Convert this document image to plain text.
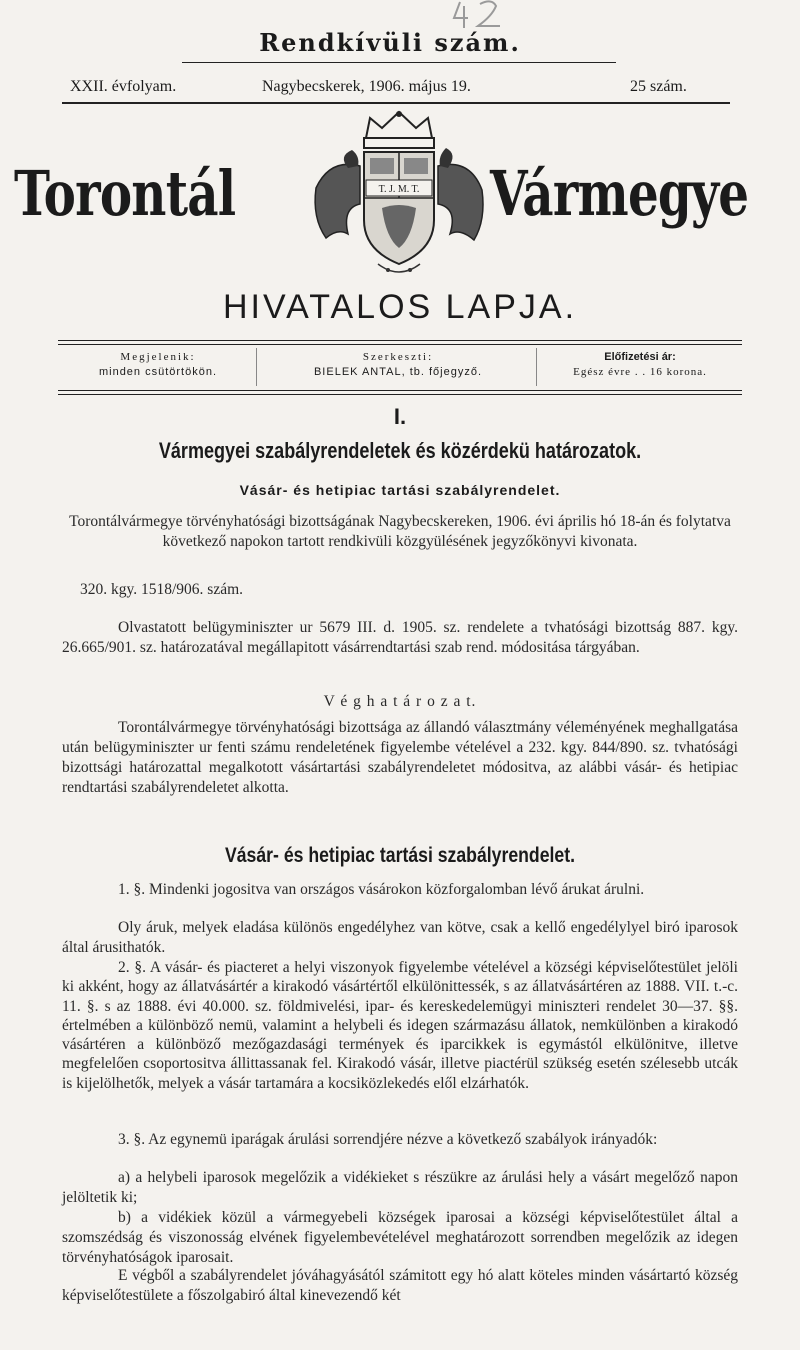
Rendkívüli szám.
XXII. évfolyam.	Nagybecskerek, 1906. május 19.	25 szám.
Torontál	T. J. M. T. Vármegye
HIVATALOS LAPJA.
Megjelenik:
minden csütörtökön.
Szerkeszti:
BIELEK ANTAL, tb. főjegyző.
Előfizetési ár:
Egész évre . . 16 korona.
I.
Vármegyei szabályrendeletek és közérdekü határozatok.
Vásár- és hetipiac tartási szabályrendelet.
Torontálvármegye törvényhatósági bizottságának Nagybecskereken, 1906. évi április hó 18-án és folytatva következő napokon tartott rendkivüli közgyülésének jegyzőkönyvi kivonata.
320. kgy. 1518/906. szám.
Olvastatott belügyminiszter ur 5679 III. d. 1905. sz. rendelete a tvhatósági bizottság 887. kgy. 26.665/901. sz. határozatával megállapitott vásárrendtartási szab rend. módositása tárgyában.
V é g h a t á r o z a t.
Torontálvármegye törvényhatósági bizottsága az állandó választmány véleményének meghallgatása után belügyminiszter ur fenti számu rendeletének figyelembe vételével a 232. kgy. 844/890. sz. tvhatósági bizottsági határozattal megalkotott vásártartási szabályrendeletet módositva, az alábbi vásár- és hetipiac rendtartási szabályrendeletet alkotta.
Vásár- és hetipiac tartási szabályrendelet.
1. §. Mindenki jogositva van országos vásárokon közforgalomban lévő árukat árulni.
Oly áruk, melyek eladása különös engedélyhez van kötve, csak a kellő engedélylyel biró iparosok által árusithatók.
2. §. A vásár- és piacteret a helyi viszonyok figyelembe vételével a községi képviselőtestület jelöli ki akként, hogy az állatvásártér a kirakodó vásártértől elkülönittessék, s az állatvásártéren az 1888. VII. t.-c. 11. §. s az 1888. évi 40.000. sz. földmivelési, ipar- és kereskedelemügyi miniszteri rendelet 30—37. §§. értelmében a különböző nemü, valamint a helybeli és idegen származásu állatok, nemkülönben a kirakodó vásártéren a különböző mezőgazdasági termények és iparcikkek is egymástól elkülönitve, illetve megfelelően csoportositva állittassanak fel. Kirakodó vásár, illetve piactérül szükség esetén szélesebb utcák is kijelölhetők, melyek a vásár tartamára a kocsiközlekedés elől elzárhatók.
3. §. Az egynemü iparágak árulási sorrendjére nézve a következő szabályok irányadók:
a) a helybeli iparosok megelőzik a vidékieket s részükre az árulási hely a vásárt megelőző napon jelöltetik ki;
b) a vidékiek közül a vármegyebeli községek iparosai a községi képviselőtestület által a szomszédság és viszonosság elvének figyelembevételével meghatározott sorrendben megelőzik az idegen törvényhatóságok iparosait.
E végből a szabályrendelet jóváhagyásától számitott egy hó alatt köteles minden vásártartó község képviselőtestülete a főszolgabiró által kinevezendő két
